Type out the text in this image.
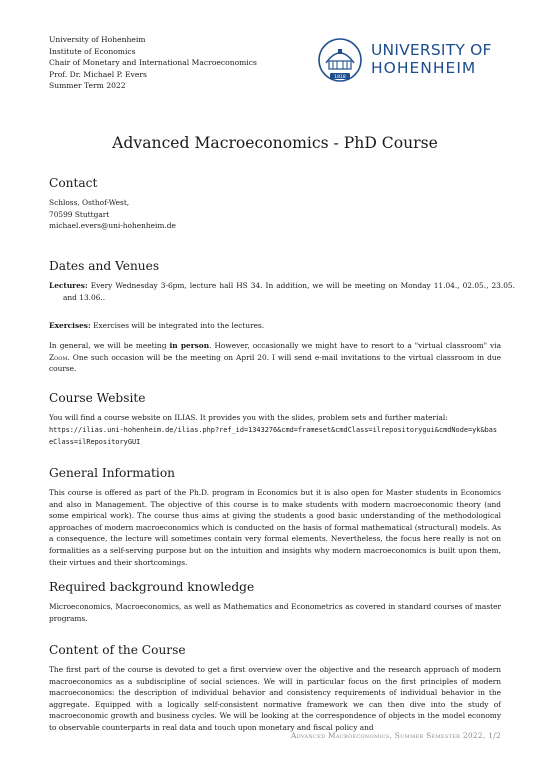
University of Hohenheim
Institute of Economics
Chair of Monetary and International Macroeconomics
Prof. Dr. Michael P. Evers
Summer Term 2022
1818
UNIVERSITY OF
HOHENHEIM
Advanced Macroeconomics - PhD Course
Contact
Schloss, Osthof-West,
70599 Stuttgart
michael.evers@uni-hohenheim.de
Dates and Venues

Lectures: Every Wednesday 3-6pm, lecture hall HS 34. In addition, we will be meeting on Monday 11.04., 02.05., 23.05. and 13.06..

Exercises: Exercises will be integrated into the lectures.

In general, we will be meeting in person. However, occasionally we might have to resort to a "virtual classroom" via Zoom. One such occasion will be the meeting on April 20. I will send e-mail invitations to the virtual classroom in due course.

Course Website

You will find a course website on ILIAS. It provides you with the slides, problem sets and further material:
https://ilias.uni-hohenheim.de/ilias.php?ref_id=1343276&cmd=frameset&cmdClass=ilrepositorygui&cmdNode=yk&baseClass=ilRepositoryGUI

General Information

This course is offered as part of the Ph.D. program in Economics but it is also open for Master students in Economics and also in Management. The objective of this course is to make students with modern macroeconomic theory (and some empirical work). The course thus aims at giving the students a good basic understanding of the methodological approaches of modern macroeconomics which is conducted on the basis of formal mathematical (structural) models. As a consequence, the lecture will sometimes contain very formal elements. Nevertheless, the focus here really is not on formalities as a self-serving purpose but on the intuition and insights why modern macroeconomics is built upon them, their virtues and their shortcomings.

Required background knowledge

Microeconomics, Macroeconomics, as well as Mathematics and Econometrics as covered in standard courses of master programs.

Content of the Course

The first part of the course is devoted to get a first overview over the objective and the research approach of modern macroeconomics as a subdiscipline of social sciences. We will in particular focus on the first principles of modern macroeconomics: the description of individual behavior and consistency requirements of individual behavior in the aggregate. Equipped with a logically self-consistent normative framework we can then dive into the study of macroeconomic growth and business cycles. We will be looking at the correspondence of objects in the model economy to observable counterparts in real data and touch upon monetary and fiscal policy and

Advanced Macroeconomics, Summer Semester 2022, 1/2
